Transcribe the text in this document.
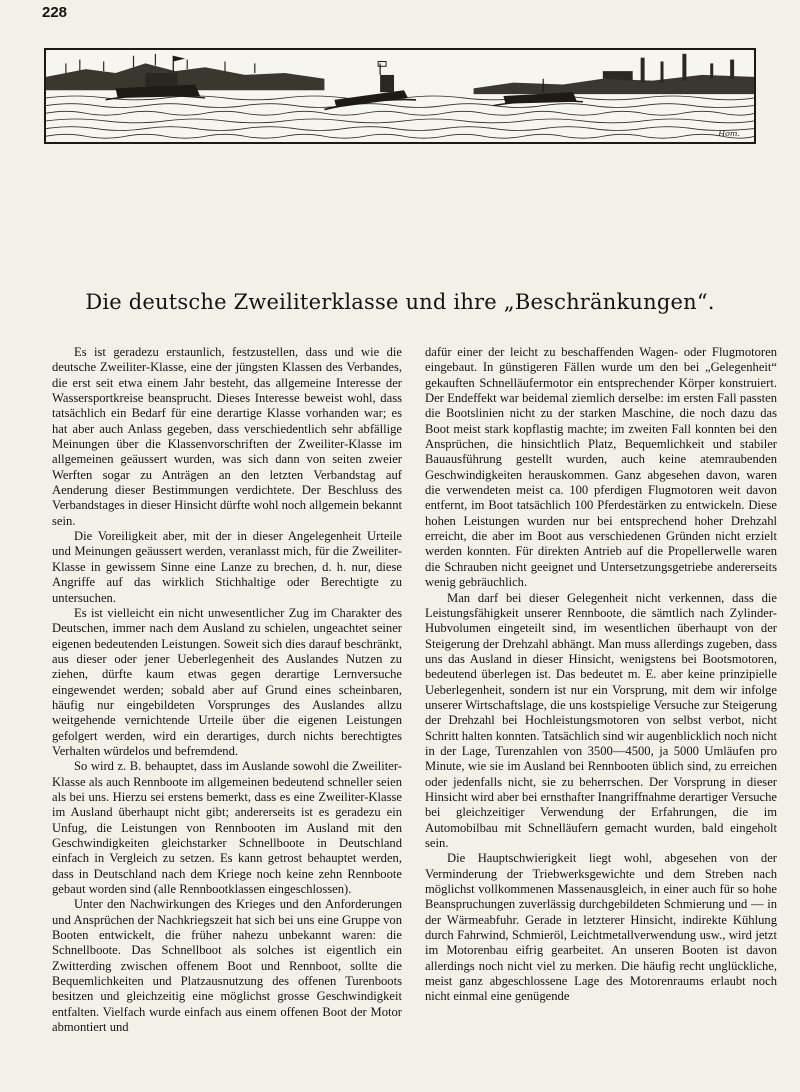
228
Hom.
Die deutsche Zweiliterklasse und ihre „Beschränkungen“.

Es ist geradezu erstaunlich, festzustellen, dass und wie die deutsche Zweiliter-Klasse, eine der jüngsten Klassen des Verbandes, die erst seit etwa einem Jahr besteht, das allgemeine Interesse der Wassersportkreise beansprucht. Dieses Interesse beweist wohl, dass tatsächlich ein Bedarf für eine derartige Klasse vorhanden war; es hat aber auch Anlass gegeben, dass verschiedentlich sehr abfällige Meinungen über die Klassenvorschriften der Zweiliter-Klasse im allgemeinen geäussert wurden, was sich dann von seiten zweier Werften sogar zu Anträgen an den letzten Verbandstag auf Aenderung dieser Bestimmungen verdichtete. Der Beschluss des Verbandstages in dieser Hinsicht dürfte wohl noch allgemein bekannt sein.

Die Voreiligkeit aber, mit der in dieser Angelegenheit Urteile und Meinungen geäussert werden, veranlasst mich, für die Zweiliter-Klasse in gewissem Sinne eine Lanze zu brechen, d. h. nur, diese Angriffe auf das wirklich Stichhaltige oder Berechtigte zu untersuchen.

Es ist vielleicht ein nicht unwesentlicher Zug im Charakter des Deutschen, immer nach dem Ausland zu schielen, ungeachtet seiner eigenen bedeutenden Leistungen. Soweit sich dies darauf beschränkt, aus dieser oder jener Ueberlegenheit des Auslandes Nutzen zu ziehen, dürfte kaum etwas gegen derartige Lernversuche eingewendet werden; sobald aber auf Grund eines scheinbaren, häufig nur eingebildeten Vorsprunges des Auslandes allzu weitgehende vernichtende Urteile über die eigenen Leistungen gefolgert werden, wird ein derartiges, durch nichts berechtigtes Verhalten würdelos und befremdend.

So wird z. B. behauptet, dass im Auslande sowohl die Zweiliter-Klasse als auch Rennboote im allgemeinen bedeutend schneller seien als bei uns. Hierzu sei erstens bemerkt, dass es eine Zweiliter-Klasse im Ausland überhaupt nicht gibt; andererseits ist es geradezu ein Unfug, die Leistungen von Rennbooten im Ausland mit den Geschwindigkeiten gleichstarker Schnellboote in Deutschland einfach in Vergleich zu setzen. Es kann getrost behauptet werden, dass in Deutschland nach dem Kriege noch keine zehn Rennboote gebaut worden sind (alle Rennbootklassen eingeschlossen).

Unter den Nachwirkungen des Krieges und den Anforderungen und Ansprüchen der Nachkriegszeit hat sich bei uns eine Gruppe von Booten entwickelt, die früher nahezu unbekannt waren: die Schnellboote. Das Schnellboot als solches ist eigentlich ein Zwitterding zwischen offenem Boot und Rennboot, sollte die Bequemlichkeiten und Platzausnutzung des offenen Turenboots besitzen und gleichzeitig eine möglichst grosse Geschwindigkeit entfalten. Vielfach wurde einfach aus einem offenen Boot der Motor abmontiert und

dafür einer der leicht zu beschaffenden Wagen- oder Flugmotoren eingebaut. In günstigeren Fällen wurde um den bei „Gelegenheit“ gekauften Schnelläufermotor ein entsprechender Körper konstruiert. Der Endeffekt war beidemal ziemlich derselbe: im ersten Fall passten die Bootslinien nicht zu der starken Maschine, die noch dazu das Boot meist stark kopflastig machte; im zweiten Fall konnten bei den Ansprüchen, die hinsichtlich Platz, Bequemlichkeit und stabiler Bauausführung gestellt wurden, auch keine atemraubenden Geschwindigkeiten herauskommen. Ganz abgesehen davon, waren die verwendeten meist ca. 100 pferdigen Flugmotoren weit davon entfernt, im Boot tatsächlich 100 Pferdestärken zu entwickeln. Diese hohen Leistungen wurden nur bei entsprechend hoher Drehzahl erreicht, die aber im Boot aus verschiedenen Gründen nicht erzielt werden konnten. Für direkten Antrieb auf die Propellerwelle waren die Schrauben nicht geeignet und Untersetzungsgetriebe andererseits wenig gebräuchlich.

Man darf bei dieser Gelegenheit nicht verkennen, dass die Leistungsfähigkeit unserer Rennboote, die sämtlich nach Zylinder-Hubvolumen eingeteilt sind, im wesentlichen überhaupt von der Steigerung der Drehzahl abhängt. Man muss allerdings zugeben, dass uns das Ausland in dieser Hinsicht, wenigstens bei Bootsmotoren, bedeutend überlegen ist. Das bedeutet m. E. aber keine prinzipielle Ueberlegenheit, sondern ist nur ein Vorsprung, mit dem wir infolge unserer Wirtschaftslage, die uns kostspielige Versuche zur Steigerung der Drehzahl bei Hochleistungsmotoren von selbst verbot, nicht Schritt halten konnten. Tatsächlich sind wir augenblicklich noch nicht in der Lage, Turenzahlen von 3500—4500, ja 5000 Umläufen pro Minute, wie sie im Ausland bei Rennbooten üblich sind, zu erreichen oder jedenfalls nicht, sie zu beherrschen. Der Vorsprung in dieser Hinsicht wird aber bei ernsthafter Inangriffnahme derartiger Versuche bei gleichzeitiger Verwendung der Erfahrungen, die im Automobilbau mit Schnelläufern gemacht wurden, bald eingeholt sein.

Die Hauptschwierigkeit liegt wohl, abgesehen von der Verminderung der Triebwerksgewichte und dem Streben nach möglichst vollkommenen Massenausgleich, in einer auch für so hohe Beanspruchungen zuverlässig durchgebildeten Schmierung und — in der Wärmeabfuhr. Gerade in letzterer Hinsicht, indirekte Kühlung durch Fahrwind, Schmieröl, Leichtmetallverwendung usw., wird jetzt im Motorenbau eifrig gearbeitet. An unseren Booten ist davon allerdings noch nicht viel zu merken. Die häufig recht unglückliche, meist ganz abgeschlossene Lage des Motorenraums erlaubt noch nicht einmal eine genügende
